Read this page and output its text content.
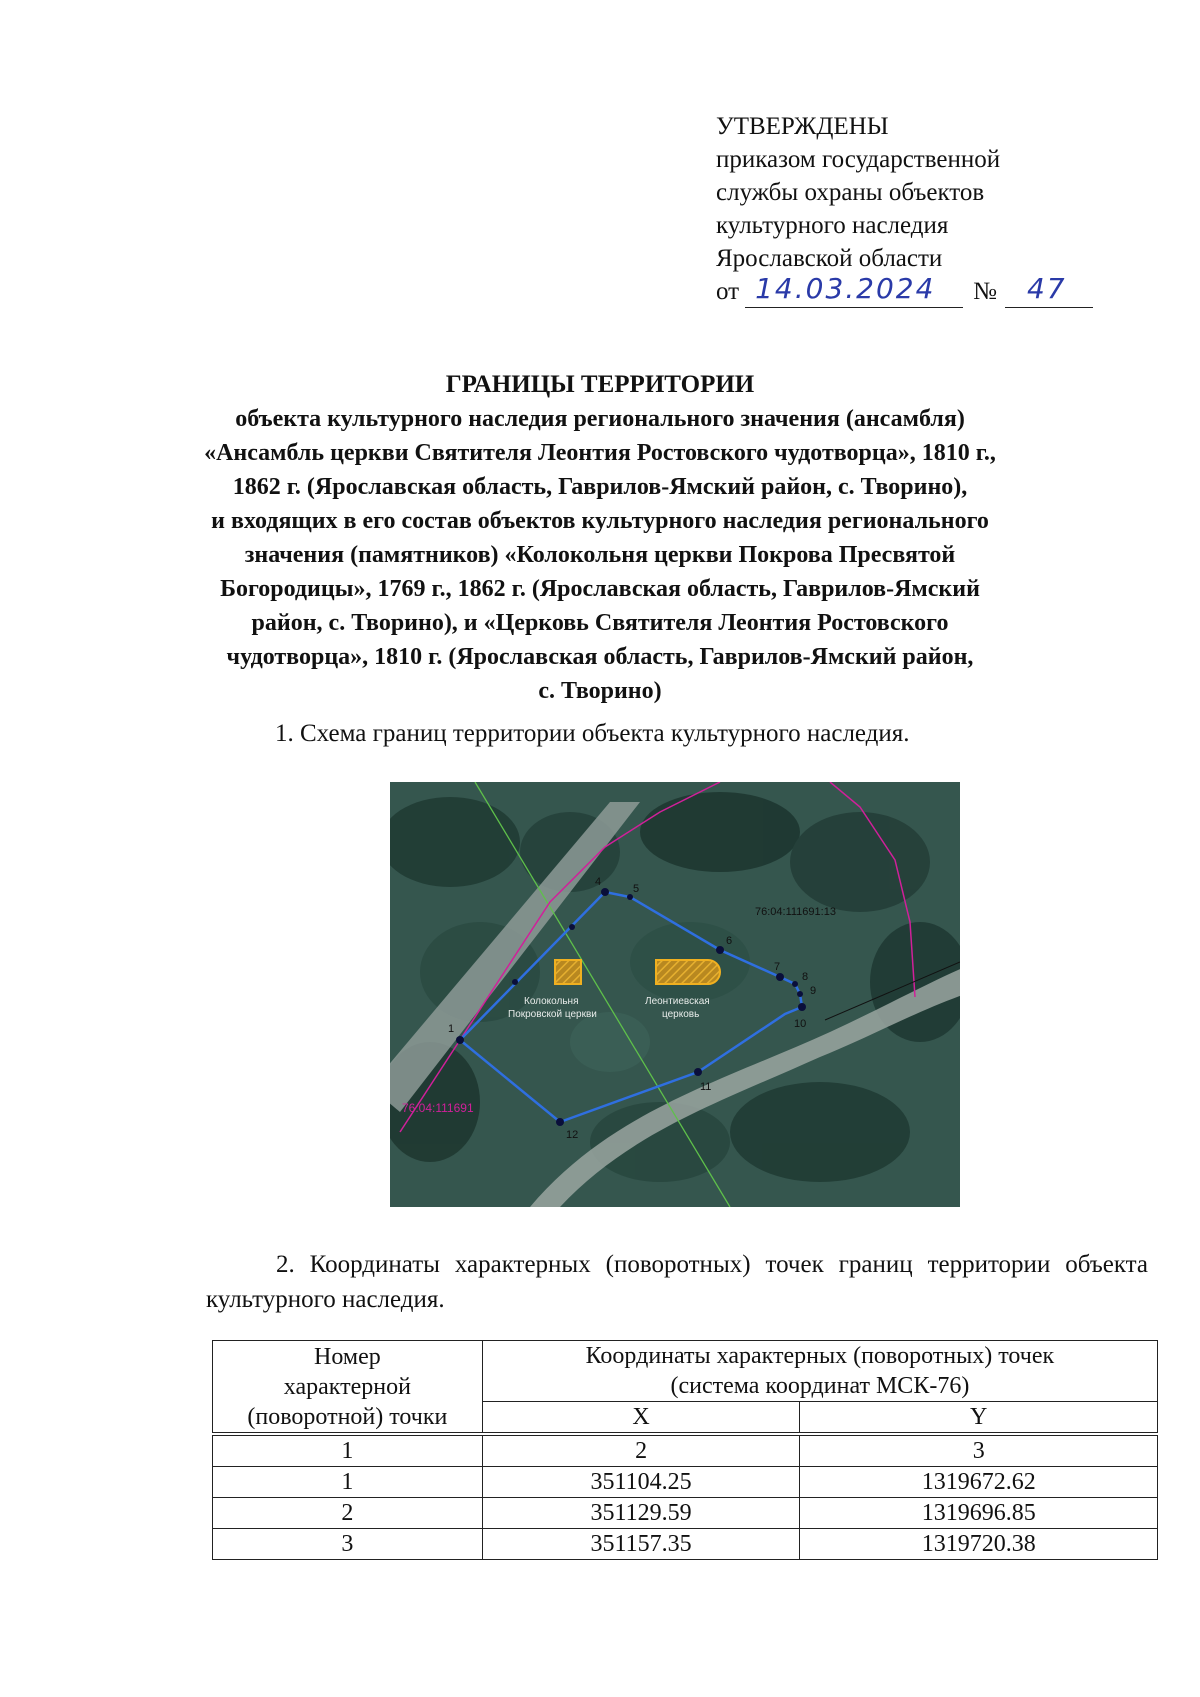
УТВЕРЖДЕНЫ
приказом государственной
службы охраны объектов
культурного наследия
Ярославской области
от 14.03.2024 № 47
ГРАНИЦЫ ТЕРРИТОРИИ
объекта культурного наследия регионального значения (ансамбля)
«Ансамбль церкви Святителя Леонтия Ростовского чудотворца», 1810 г.,
1862 г. (Ярославская область, Гаврилов-Ямский район, с. Творино),
и входящих в его состав объектов культурного наследия регионального
значения (памятников) «Колокольня церкви Покрова Пресвятой
Богородицы», 1769 г., 1862 г. (Ярославская область, Гаврилов-Ямский
район, с. Творино), и «Церковь Святителя Леонтия Ростовского
чудотворца», 1810 г. (Ярославская область, Гаврилов-Ямский район,
с. Творино)
1. Схема границ территории объекта культурного наследия.
Колокольня
Покровской церкви
Леонтиевская
церковь
76:04:111691:13
76:04:111691
1
4
5
6
7
8
9
10
11
12
2. Координаты характерных (поворотных) точек границ территории объекта культурного наследия.
Номер
характерной
(поворотной) точки	Координаты характерных (поворотных) точек
(система координат МСК-76)	
	X	Y
1	2	3
1	351104.25	1319672.62
2	351129.59	1319696.85
3	351157.35	1319720.38
